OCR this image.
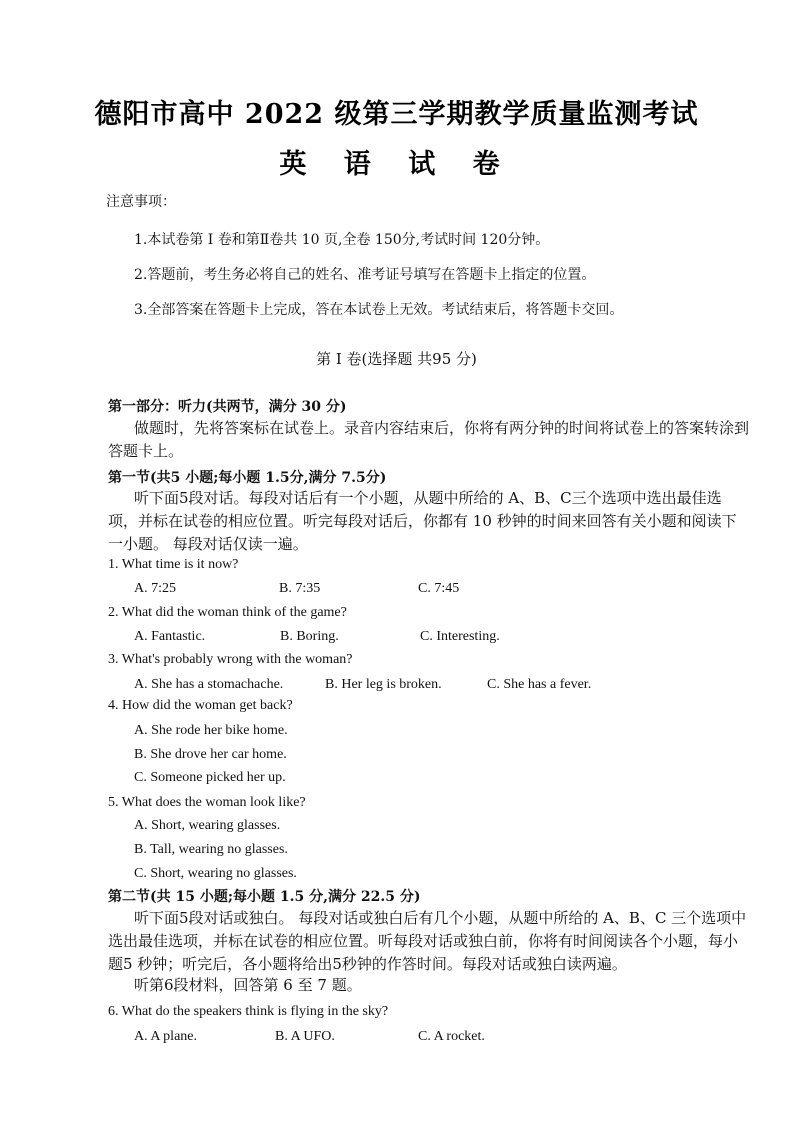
德阳市高中 2022 级第三学期教学质量监测考试
英 语 试 卷
注意事项：
1.本试卷第 Ⅰ 卷和第Ⅱ卷共 10 页,全卷 150分,考试时间 120分钟。
2.答题前，考生务必将自己的姓名、准考证号填写在答题卡上指定的位置。
3.全部答案在答题卡上完成，答在本试卷上无效。考试结束后，将答题卡交回。
第 I 卷(选择题 共95 分)
第一部分：听力(共两节，满分 30 分)
做题时，先将答案标在试卷上。录音内容结束后，你将有两分钟的时间将试卷上的答案转涂到答题卡上。
第一节(共5 小题;每小题 1.5分,满分 7.5分)
听下面5段对话。每段对话后有一个小题，从题中所给的 A、B、C三个选项中选出最佳选项，并标在试卷的相应位置。听完每段对话后，你都有 10 秒钟的时间来回答有关小题和阅读下一小题。 每段对话仅读一遍。
1. What time is it now?
A. 7:25	B. 7:35	C. 7:45
2. What did the woman think of the game?
A. Fantastic.	B. Boring.	C. Interesting.
3. What's probably wrong with the woman?
A. She has a stomachache.	B. Her leg is broken.	C. She has a fever.
4. How did the woman get back?
A. She rode her bike home.
B. She drove her car home.
C. Someone picked her up.
5. What does the woman look like?
A. Short, wearing glasses.
B. Tall, wearing no glasses.
C. Short, wearing no glasses.
第二节(共 15 小题;每小题 1.5 分,满分 22.5 分)
听下面5段对话或独白。 每段对话或独白后有几个小题，从题中所给的 A、B、C 三个选项中选出最佳选项，并标在试卷的相应位置。听每段对话或独白前，你将有时间阅读各个小题，每小题5 秒钟；听完后，各小题将给出5秒钟的作答时间。每段对话或独白读两遍。
听第6段材料，回答第 6 至 7 题。
6. What do the speakers think is flying in the sky?
A. A plane.	B. A UFO.	C. A rocket.
